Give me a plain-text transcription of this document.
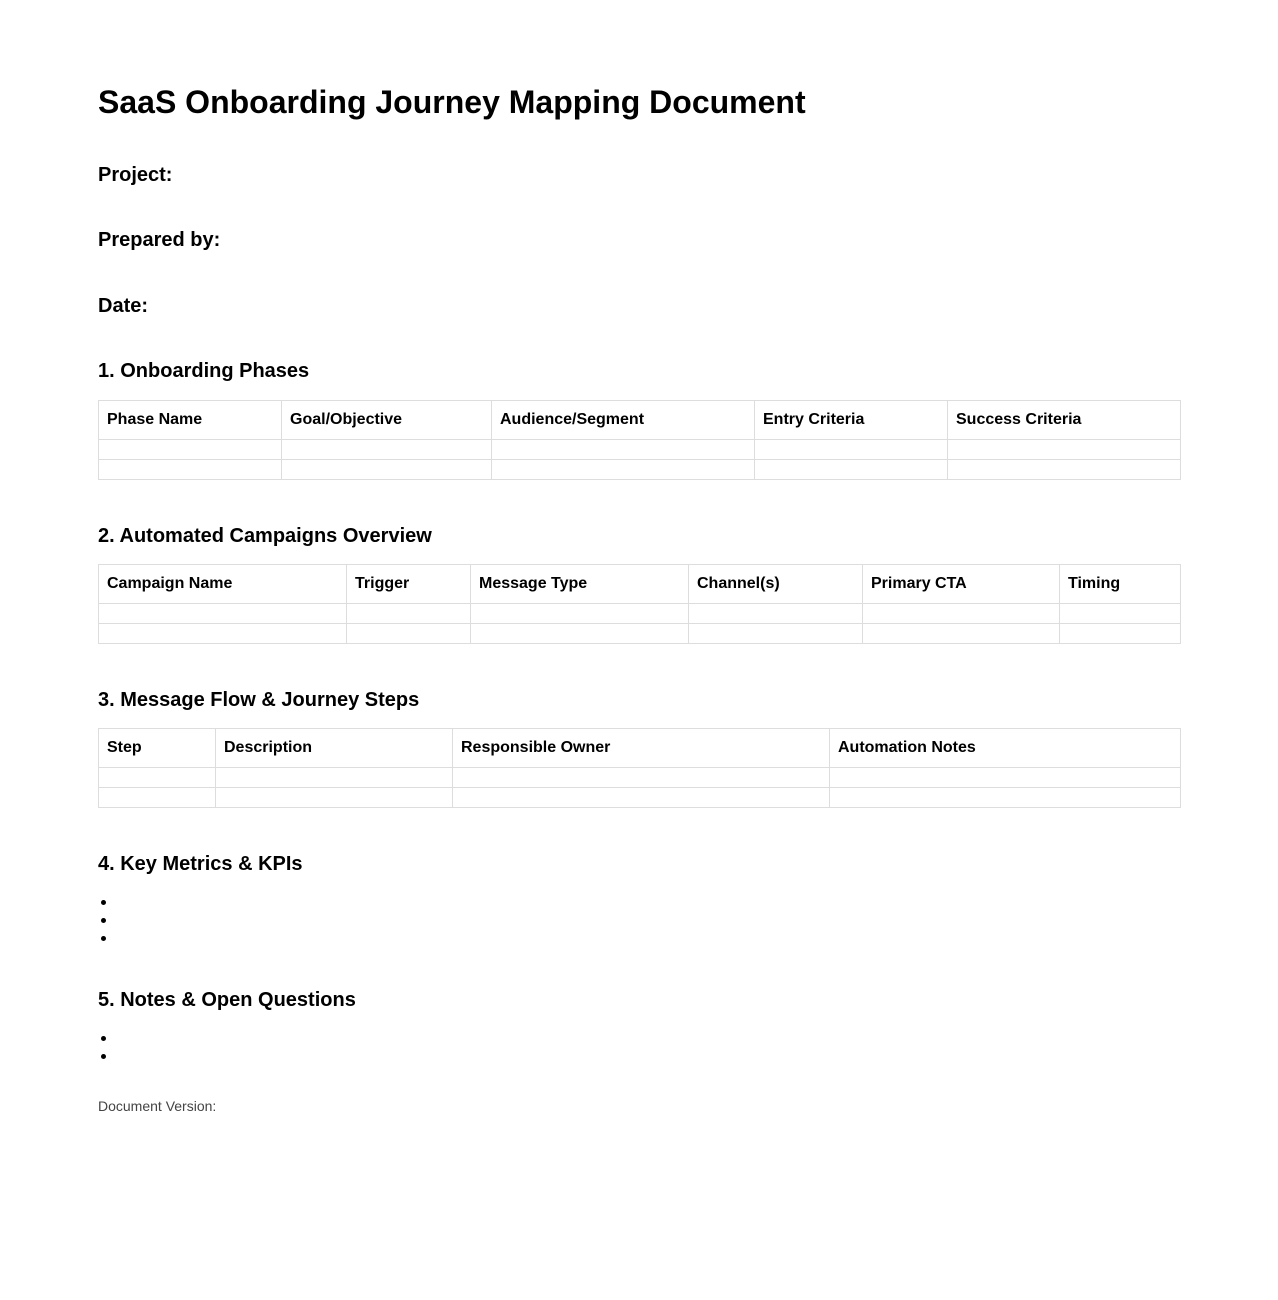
SaaS Onboarding Journey Mapping Document

Project:

Prepared by:

Date:

1. Onboarding Phases
Phase Name	Goal/Objective	Audience/Segment	Entry Criteria	Success Criteria

2. Automated Campaigns Overview
Campaign Name	Trigger	Message Type	Channel(s)	Primary CTA	Timing

3. Message Flow & Journey Steps
Step	Description	Responsible Owner	Automation Notes

4. Key Metrics & KPIs
5. Notes & Open Questions

Document Version:
